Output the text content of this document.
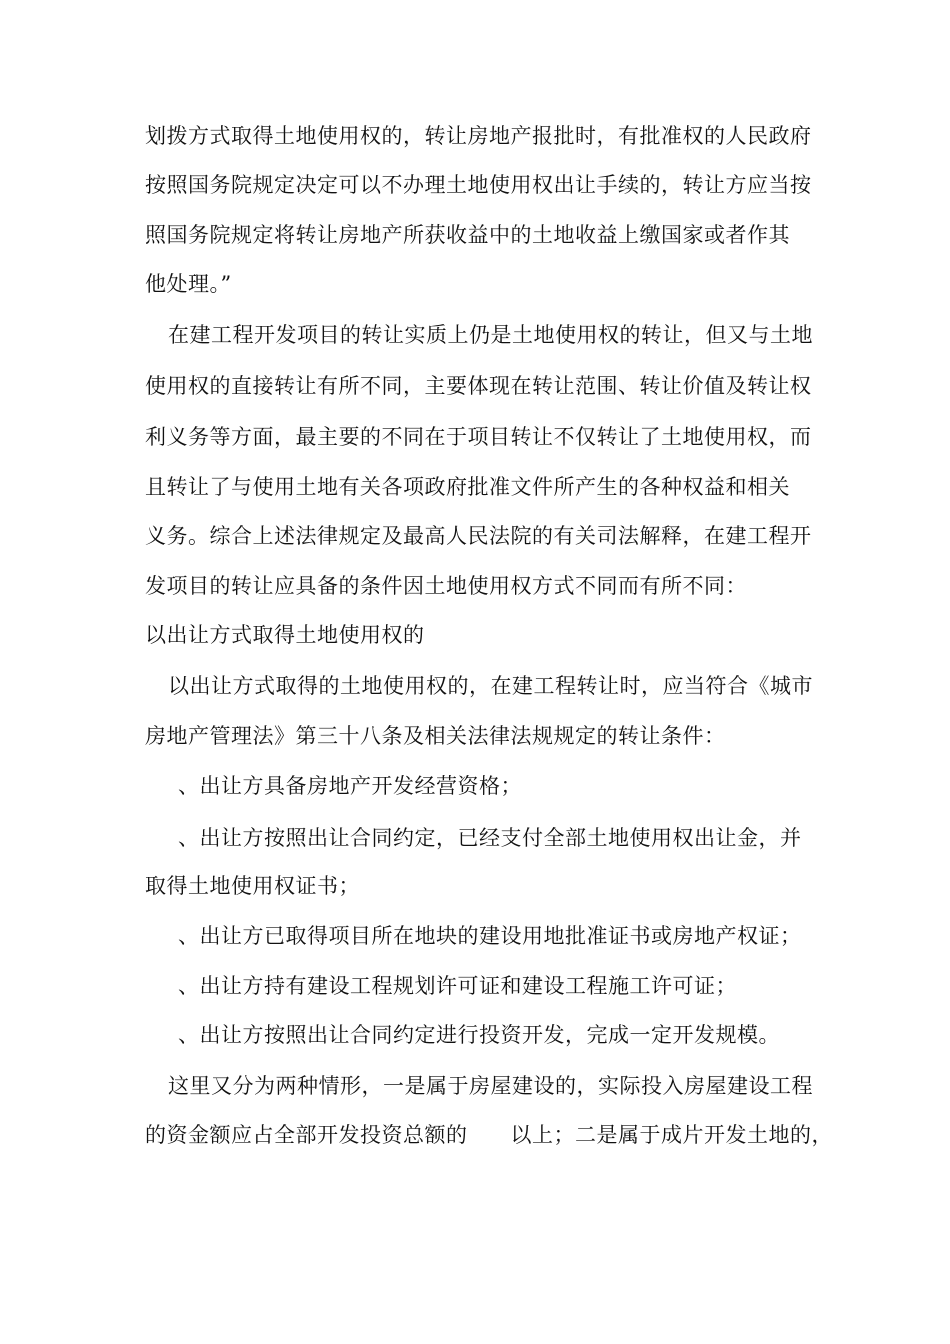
划拨方式取得土地使用权的，转让房地产报批时，有批准权的人民政府
按照国务院规定决定可以不办理土地使用权出让手续的，转让方应当按
照国务院规定将转让房地产所获收益中的土地收益上缴国家或者作其
他处理。”
在建工程开发项目的转让实质上仍是土地使用权的转让，但又与土地
使用权的直接转让有所不同，主要体现在转让范围、转让价值及转让权
利义务等方面，最主要的不同在于项目转让不仅转让了土地使用权，而
且转让了与使用土地有关各项政府批准文件所产生的各种权益和相关
义务。综合上述法律规定及最高人民法院的有关司法解释，在建工程开
发项目的转让应具备的条件因土地使用权方式不同而有所不同：
以出让方式取得土地使用权的
以出让方式取得的土地使用权的，在建工程转让时，应当符合《城市
房地产管理法》第三十八条及相关法律法规规定的转让条件：
、出让方具备房地产开发经营资格；
、出让方按照出让合同约定，已经支付全部土地使用权出让金，并
取得土地使用权证书；
、出让方已取得项目所在地块的建设用地批准证书或房地产权证；
、出让方持有建设工程规划许可证和建设工程施工许可证；
、出让方按照出让合同约定进行投资开发，完成一定开发规模。
这里又分为两种情形，一是属于房屋建设的，实际投入房屋建设工程
的资金额应占全部开发投资总额的　　以上；二是属于成片开发土地的，
